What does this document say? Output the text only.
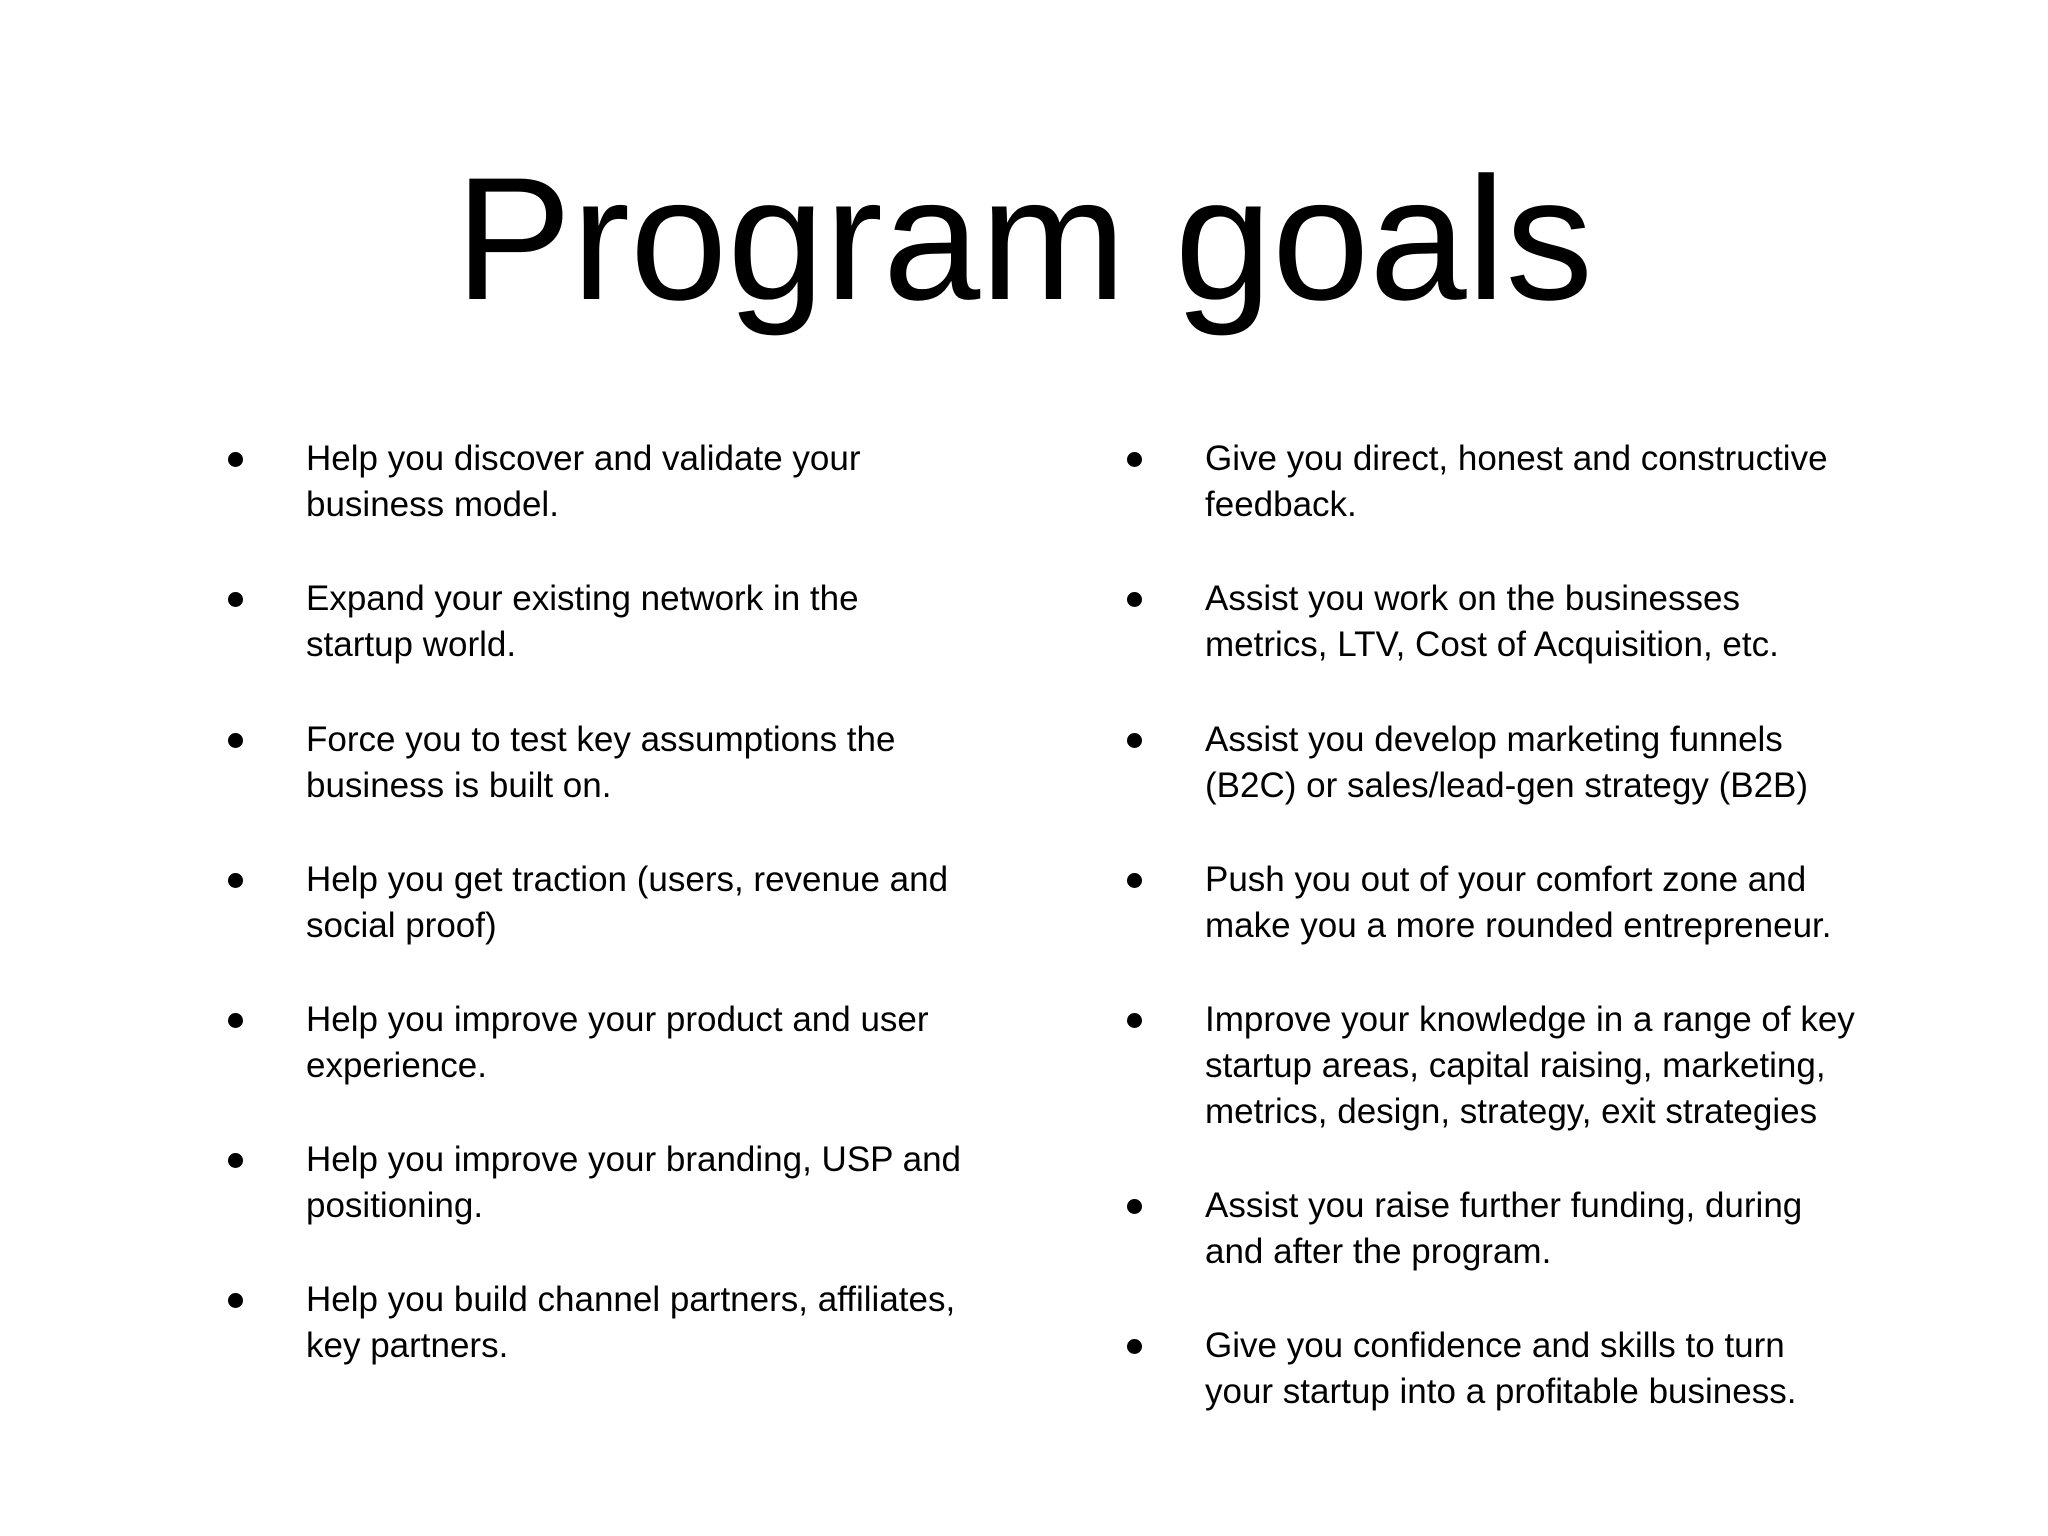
Program goals
Help you discover and validate your
business model.
Expand your existing network in the
startup world.
Force you to test key assumptions the
business is built on.
Help you get traction (users, revenue and
social proof)
Help you improve your product and user
experience.
Help you improve your branding, USP and
positioning.
Help you build channel partners, affiliates,
key partners.
Give you direct, honest and constructive
feedback.
Assist you work on the businesses
metrics, LTV, Cost of Acquisition, etc.
Assist you develop marketing funnels
(B2C) or sales/lead-gen strategy (B2B)
Push you out of your comfort zone and
make you a more rounded entrepreneur.
Improve your knowledge in a range of key
startup areas, capital raising, marketing,
metrics, design, strategy, exit strategies
Assist you raise further funding, during
and after the program.
Give you confidence and skills to turn
your startup into a profitable business.
